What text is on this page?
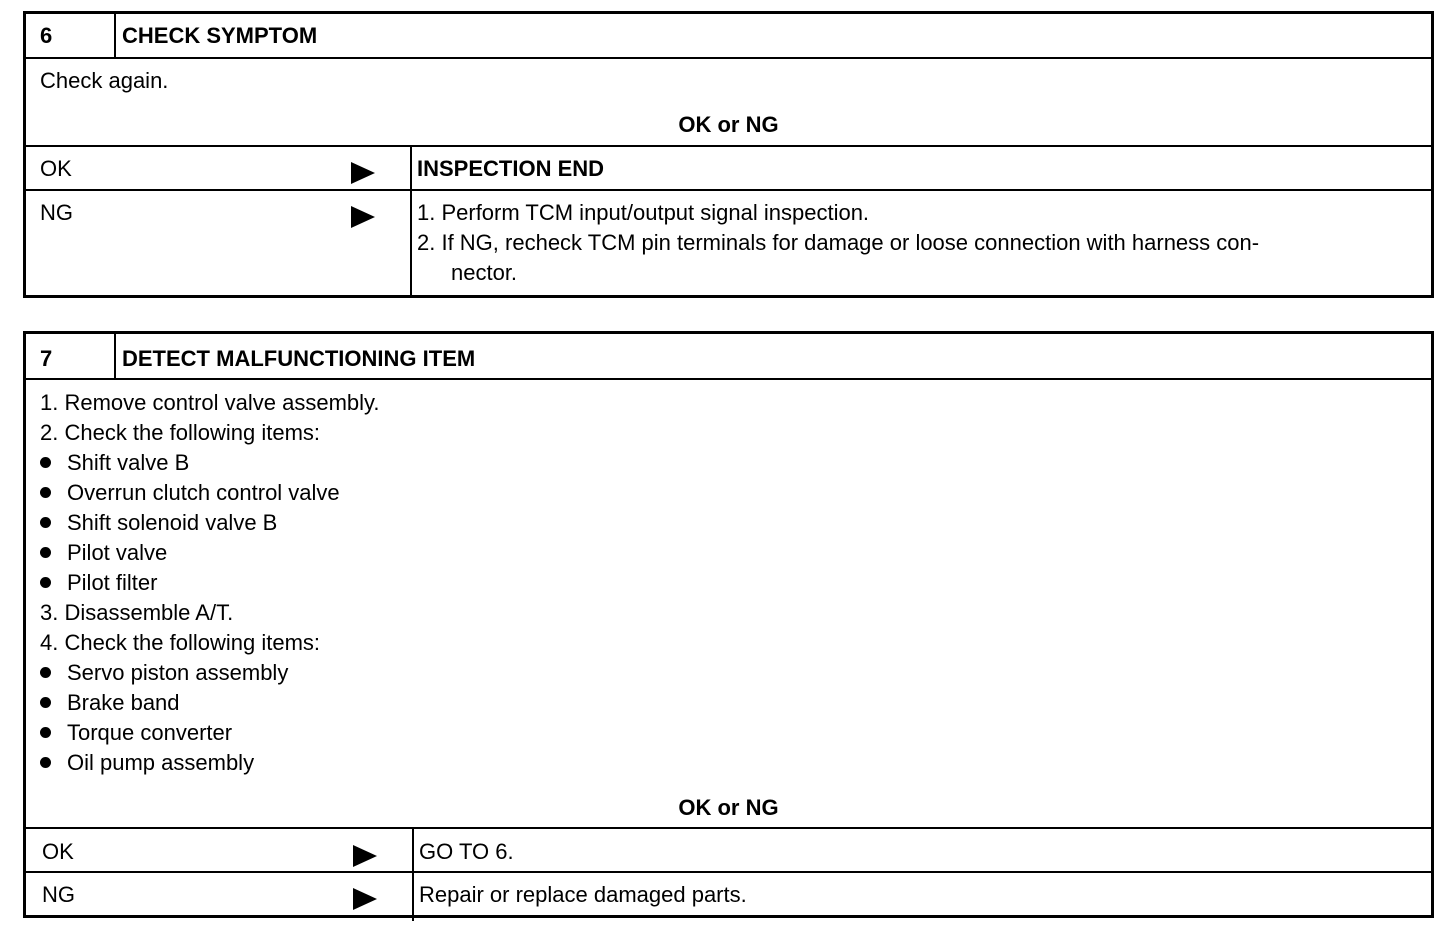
6	CHECK SYMPTOM
Check again.
OK or NG
OK	INSPECTION END
NG	1. Perform TCM input/output signal inspection.
2. If NG, recheck TCM pin terminals for damage or loose connection with harness con-
nector.
7	DETECT MALFUNCTIONING ITEM
1. Remove control valve assembly.
2. Check the following items:
Shift valve B
Overrun clutch control valve
Shift solenoid valve B
Pilot valve
Pilot filter
3. Disassemble A/T.
4. Check the following items:
Servo piston assembly
Brake band
Torque converter
Oil pump assembly
OK or NG
OK	GO TO 6.
NG	Repair or replace damaged parts.
